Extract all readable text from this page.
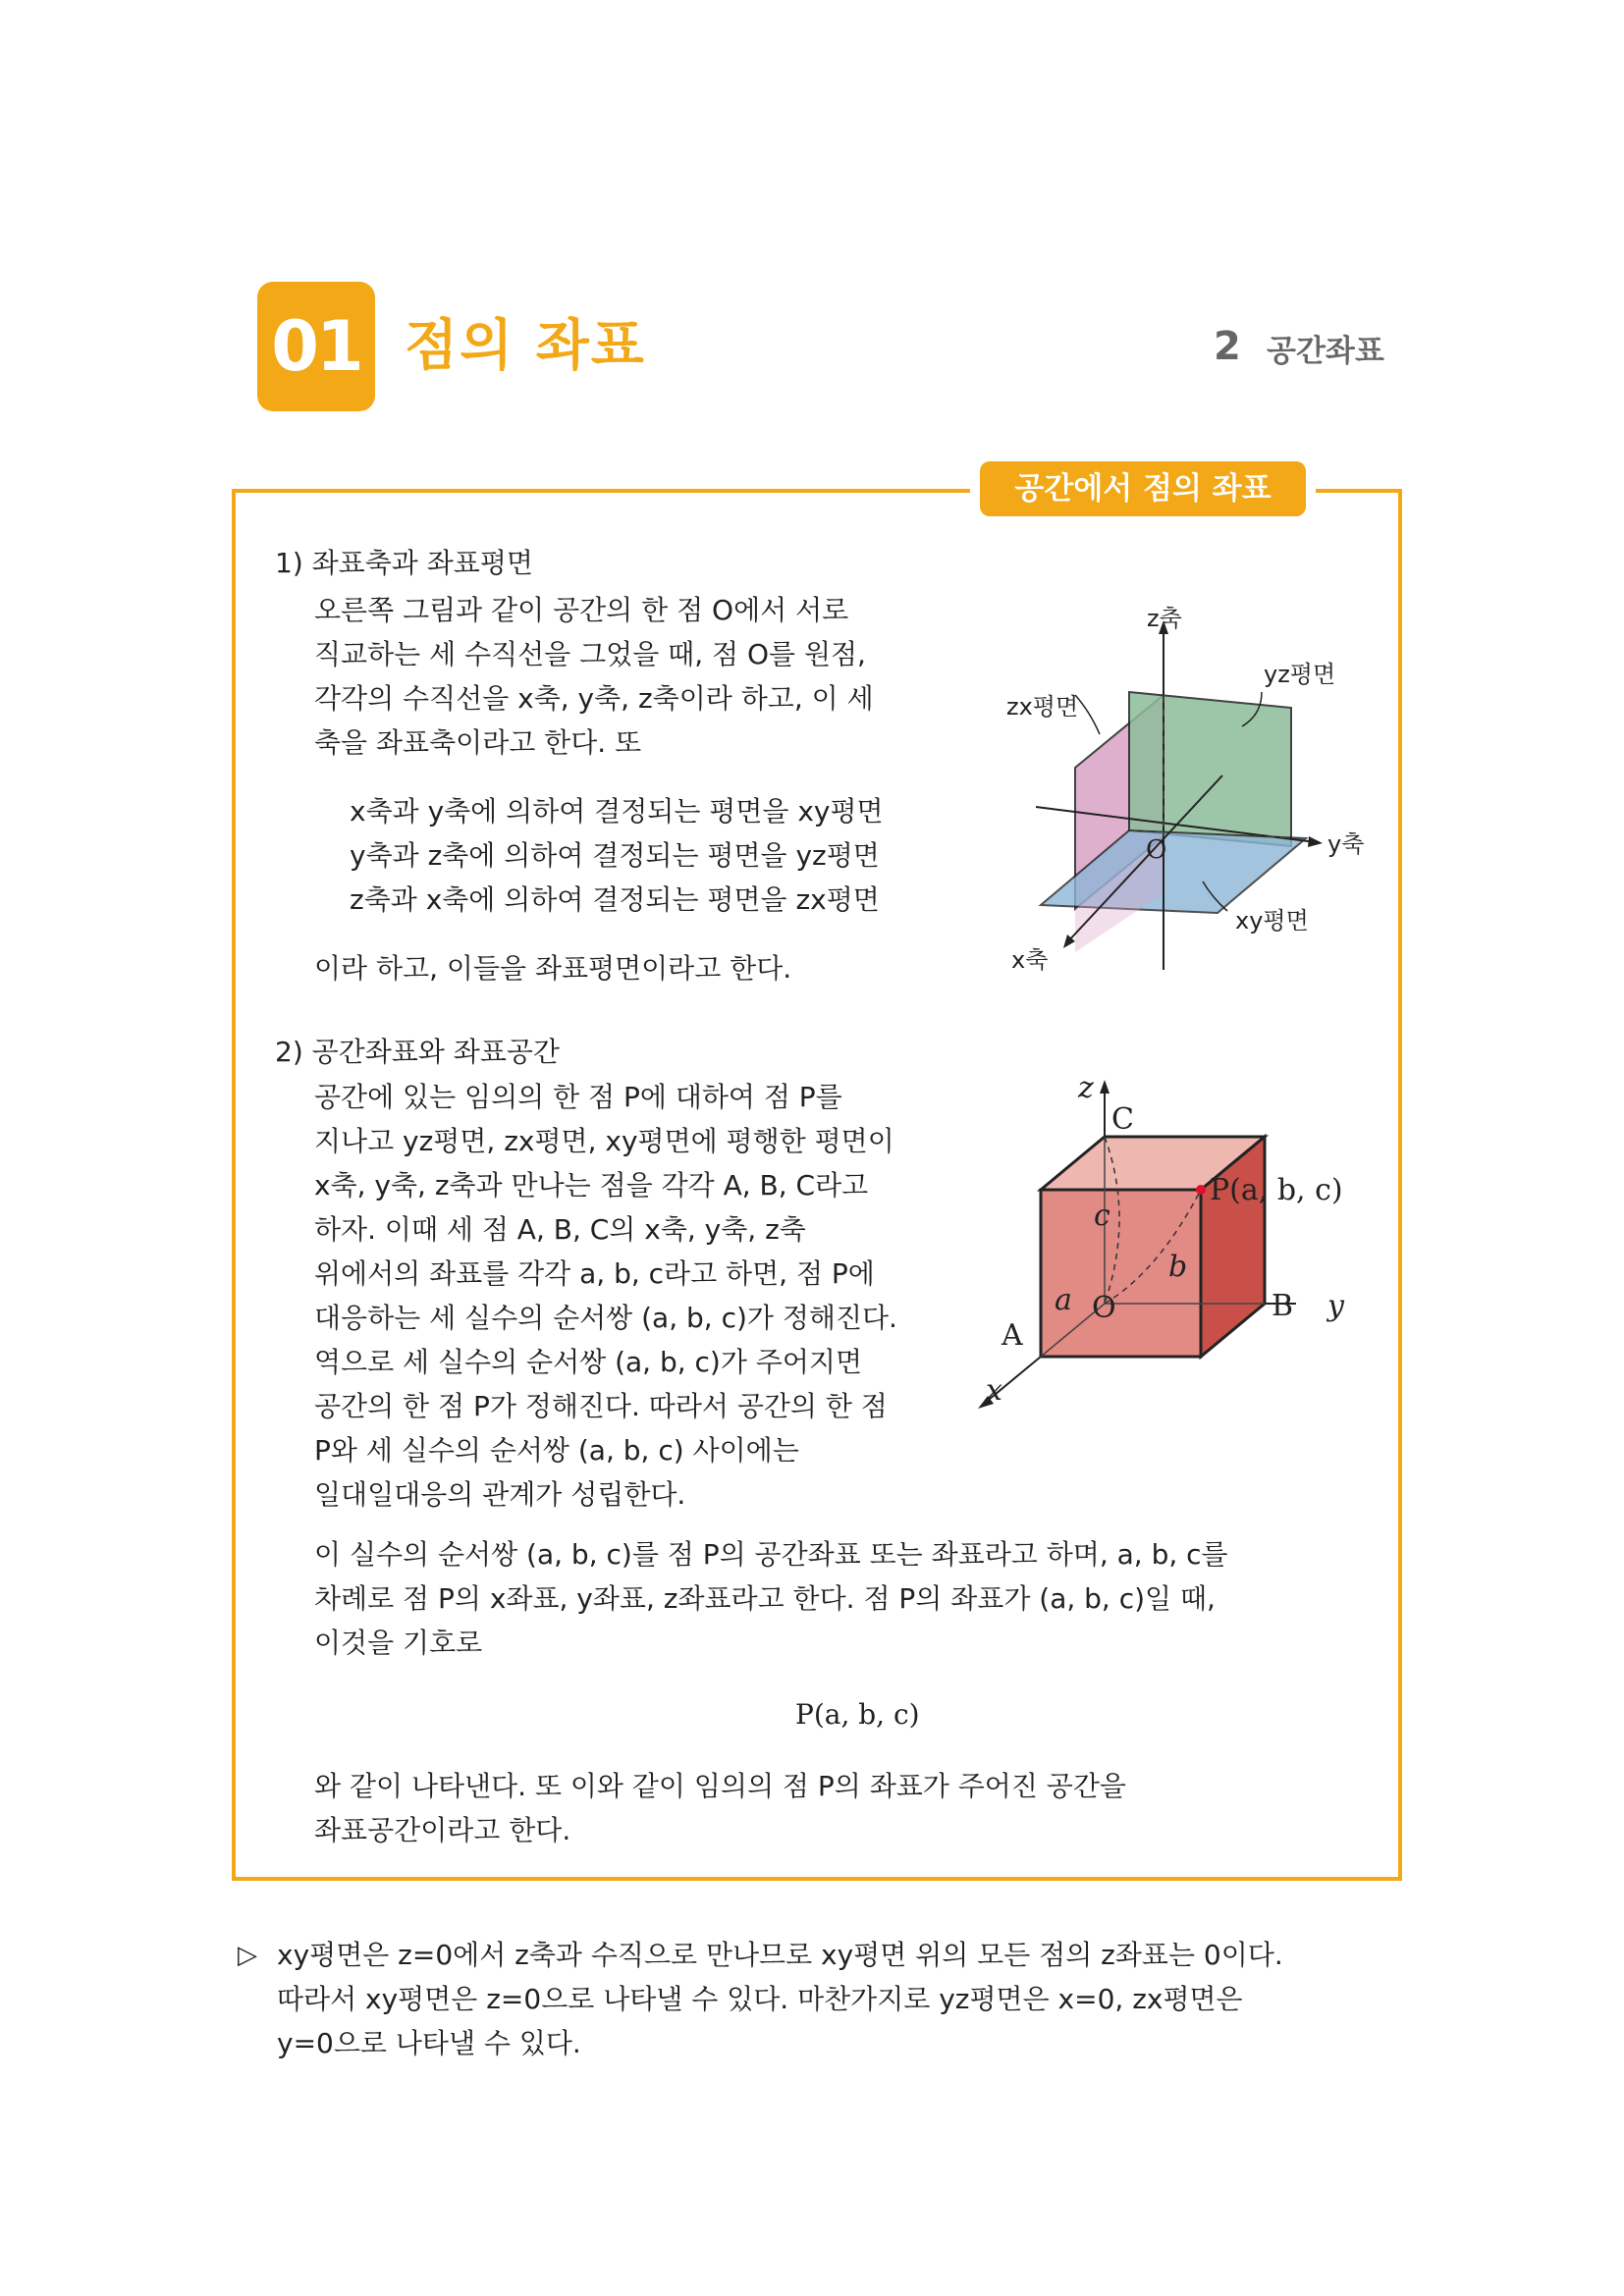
01 점의 좌표	2 공간좌표
공간에서 점의 좌표
1) 좌표축과 좌표평면
오른쪽 그림과 같이 공간의 한 점 O에서 서로
직교하는 세 수직선을 그었을 때, 점 O를 원점,
각각의 수직선을 x축, y축, z축이라 하고, 이 세
축을 좌표축이라고 한다. 또
x축과 y축에 의하여 결정되는 평면을 xy평면
y축과 z축에 의하여 결정되는 평면을 yz평면
z축과 x축에 의하여 결정되는 평면을 zx평면
이라 하고, 이들을 좌표평면이라고 한다.
z축
y축
x축
O
yz평면
zx평면
xy평면
2) 공간좌표와 좌표공간
공간에 있는 임의의 한 점 P에 대하여 점 P를
지나고 yz평면, zx평면, xy평면에 평행한 평면이
x축, y축, z축과 만나는 점을 각각 A, B, C라고
하자. 이때 세 점 A, B, C의 x축, y축, z축
위에서의 좌표를 각각 a, b, c라고 하면, 점 P에
대응하는 세 실수의 순서쌍 (a, b, c)가 정해진다.
역으로 세 실수의 순서쌍 (a, b, c)가 주어지면
공간의 한 점 P가 정해진다. 따라서 공간의 한 점
P와 세 실수의 순서쌍 (a, b, c) 사이에는
일대일대응의 관계가 성립한다.
z
C
c
b
a O	B y
A
x
P(a, b, c)
이 실수의 순서쌍 (a, b, c)를 점 P의 공간좌표 또는 좌표라고 하며, a, b, c를
차례로 점 P의 x좌표, y좌표, z좌표라고 한다. 점 P의 좌표가 (a, b, c)일 때,
이것을 기호로
P(a, b, c)
와 같이 나타낸다. 또 이와 같이 임의의 점 P의 좌표가 주어진 공간을
좌표공간이라고 한다.
▷ xy평면은 z=0에서 z축과 수직으로 만나므로 xy평면 위의 모든 점의 z좌표는 0이다.
따라서 xy평면은 z=0으로 나타낼 수 있다. 마찬가지로 yz평면은 x=0, zx평면은
y=0으로 나타낼 수 있다.
